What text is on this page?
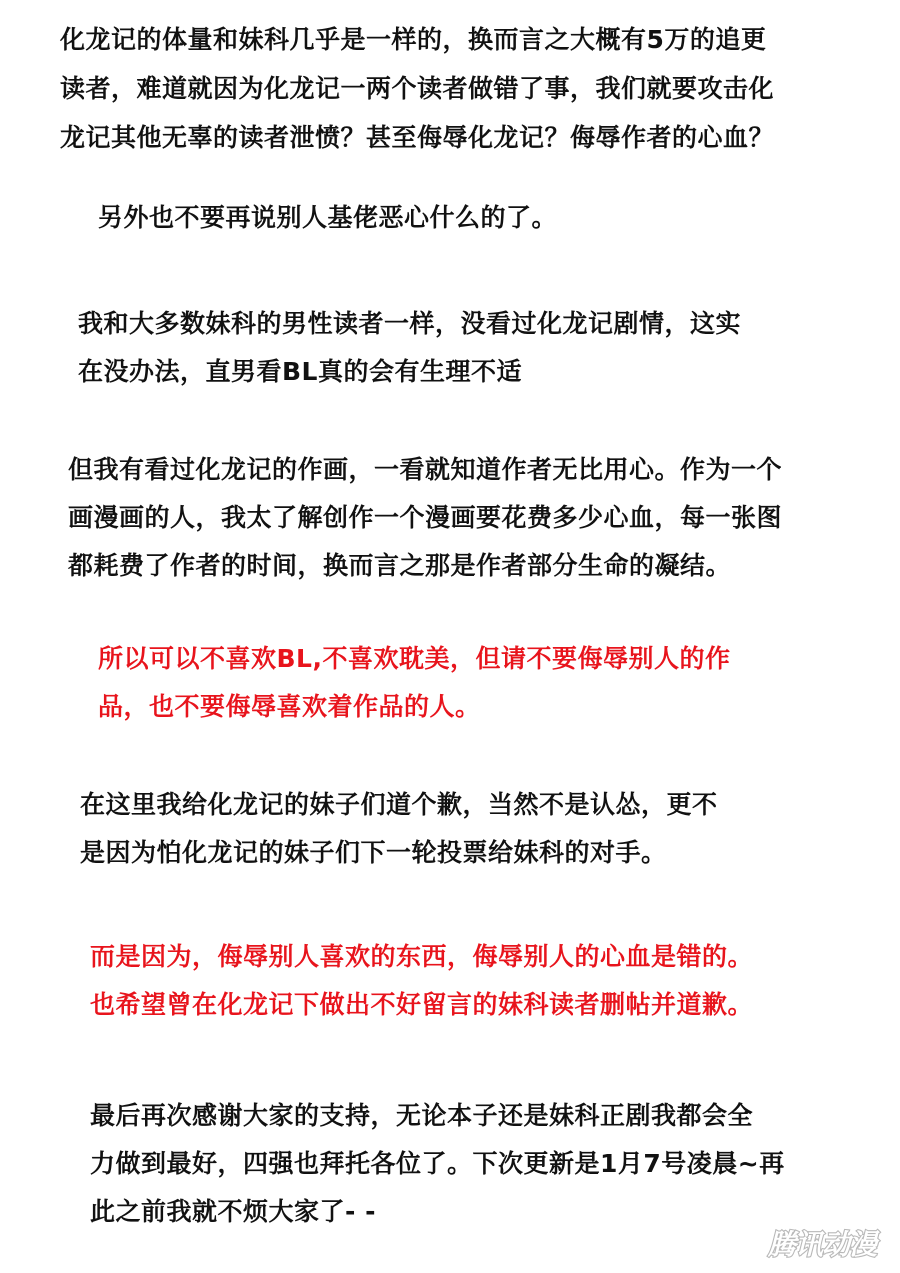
化龙记的体量和妹科几乎是一样的，换而言之大概有5万的追更
读者，难道就因为化龙记一两个读者做错了事，我们就要攻击化
龙记其他无辜的读者泄愤？甚至侮辱化龙记？侮辱作者的心血？
另外也不要再说别人基佬恶心什么的了。
我和大多数妹科的男性读者一样，没看过化龙记剧情，这实
在没办法，直男看BL真的会有生理不适
但我有看过化龙记的作画，一看就知道作者无比用心。作为一个
画漫画的人，我太了解创作一个漫画要花费多少心血，每一张图
都耗费了作者的时间，换而言之那是作者部分生命的凝结。
所以可以不喜欢BL,不喜欢耽美，但请不要侮辱别人的作
品，也不要侮辱喜欢着作品的人。
在这里我给化龙记的妹子们道个歉，当然不是认怂，更不
是因为怕化龙记的妹子们下一轮投票给妹科的对手。
而是因为，侮辱别人喜欢的东西，侮辱别人的心血是错的。
也希望曾在化龙记下做出不好留言的妹科读者删帖并道歉。
最后再次感谢大家的支持，无论本子还是妹科正剧我都会全
力做到最好，四强也拜托各位了。下次更新是1月7号凌晨~再
此之前我就不烦大家了- -
腾讯动漫
